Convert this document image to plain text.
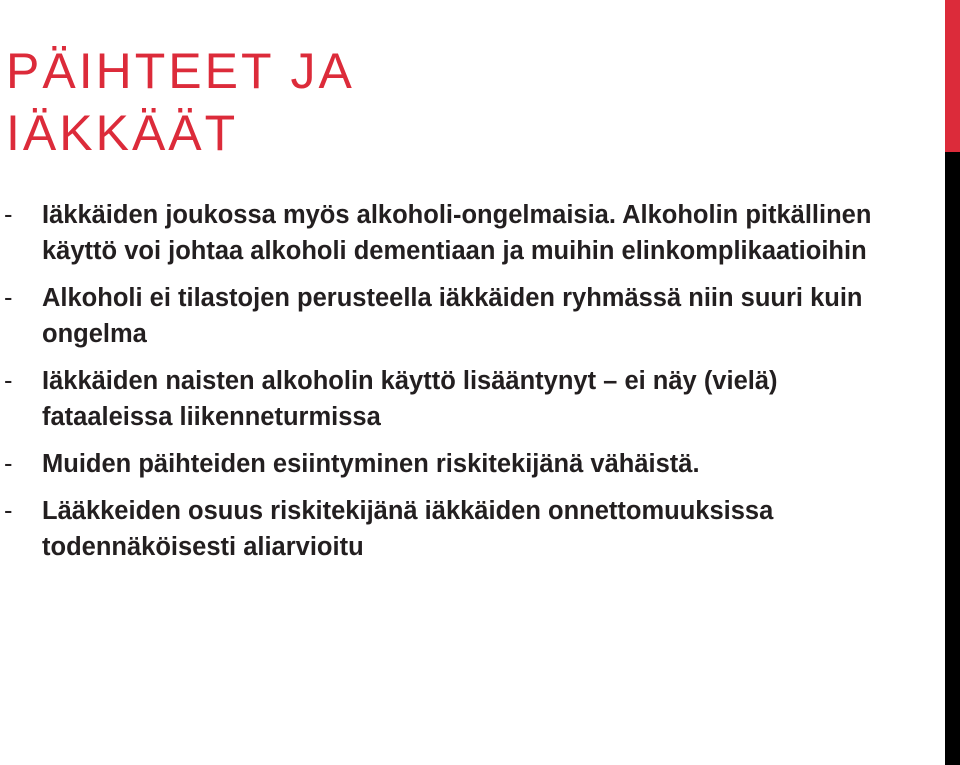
PÄIHTEET JA
IÄKKÄÄT
- Iäkkäiden joukossa myös alkoholi-ongelmaisia. Alkoholin pitkällinen käyttö voi johtaa alkoholi dementiaan ja muihin elinkomplikaatioihin
- Alkoholi ei tilastojen perusteella iäkkäiden ryhmässä niin suuri kuin ongelma
- Iäkkäiden naisten alkoholin käyttö lisääntynyt – ei näy (vielä) fataaleissa liikenneturmissa
- Muiden päihteiden esiintyminen riskitekijänä vähäistä.
- Lääkkeiden osuus riskitekijänä iäkkäiden onnettomuuksissa todennäköisesti aliarvioitu
